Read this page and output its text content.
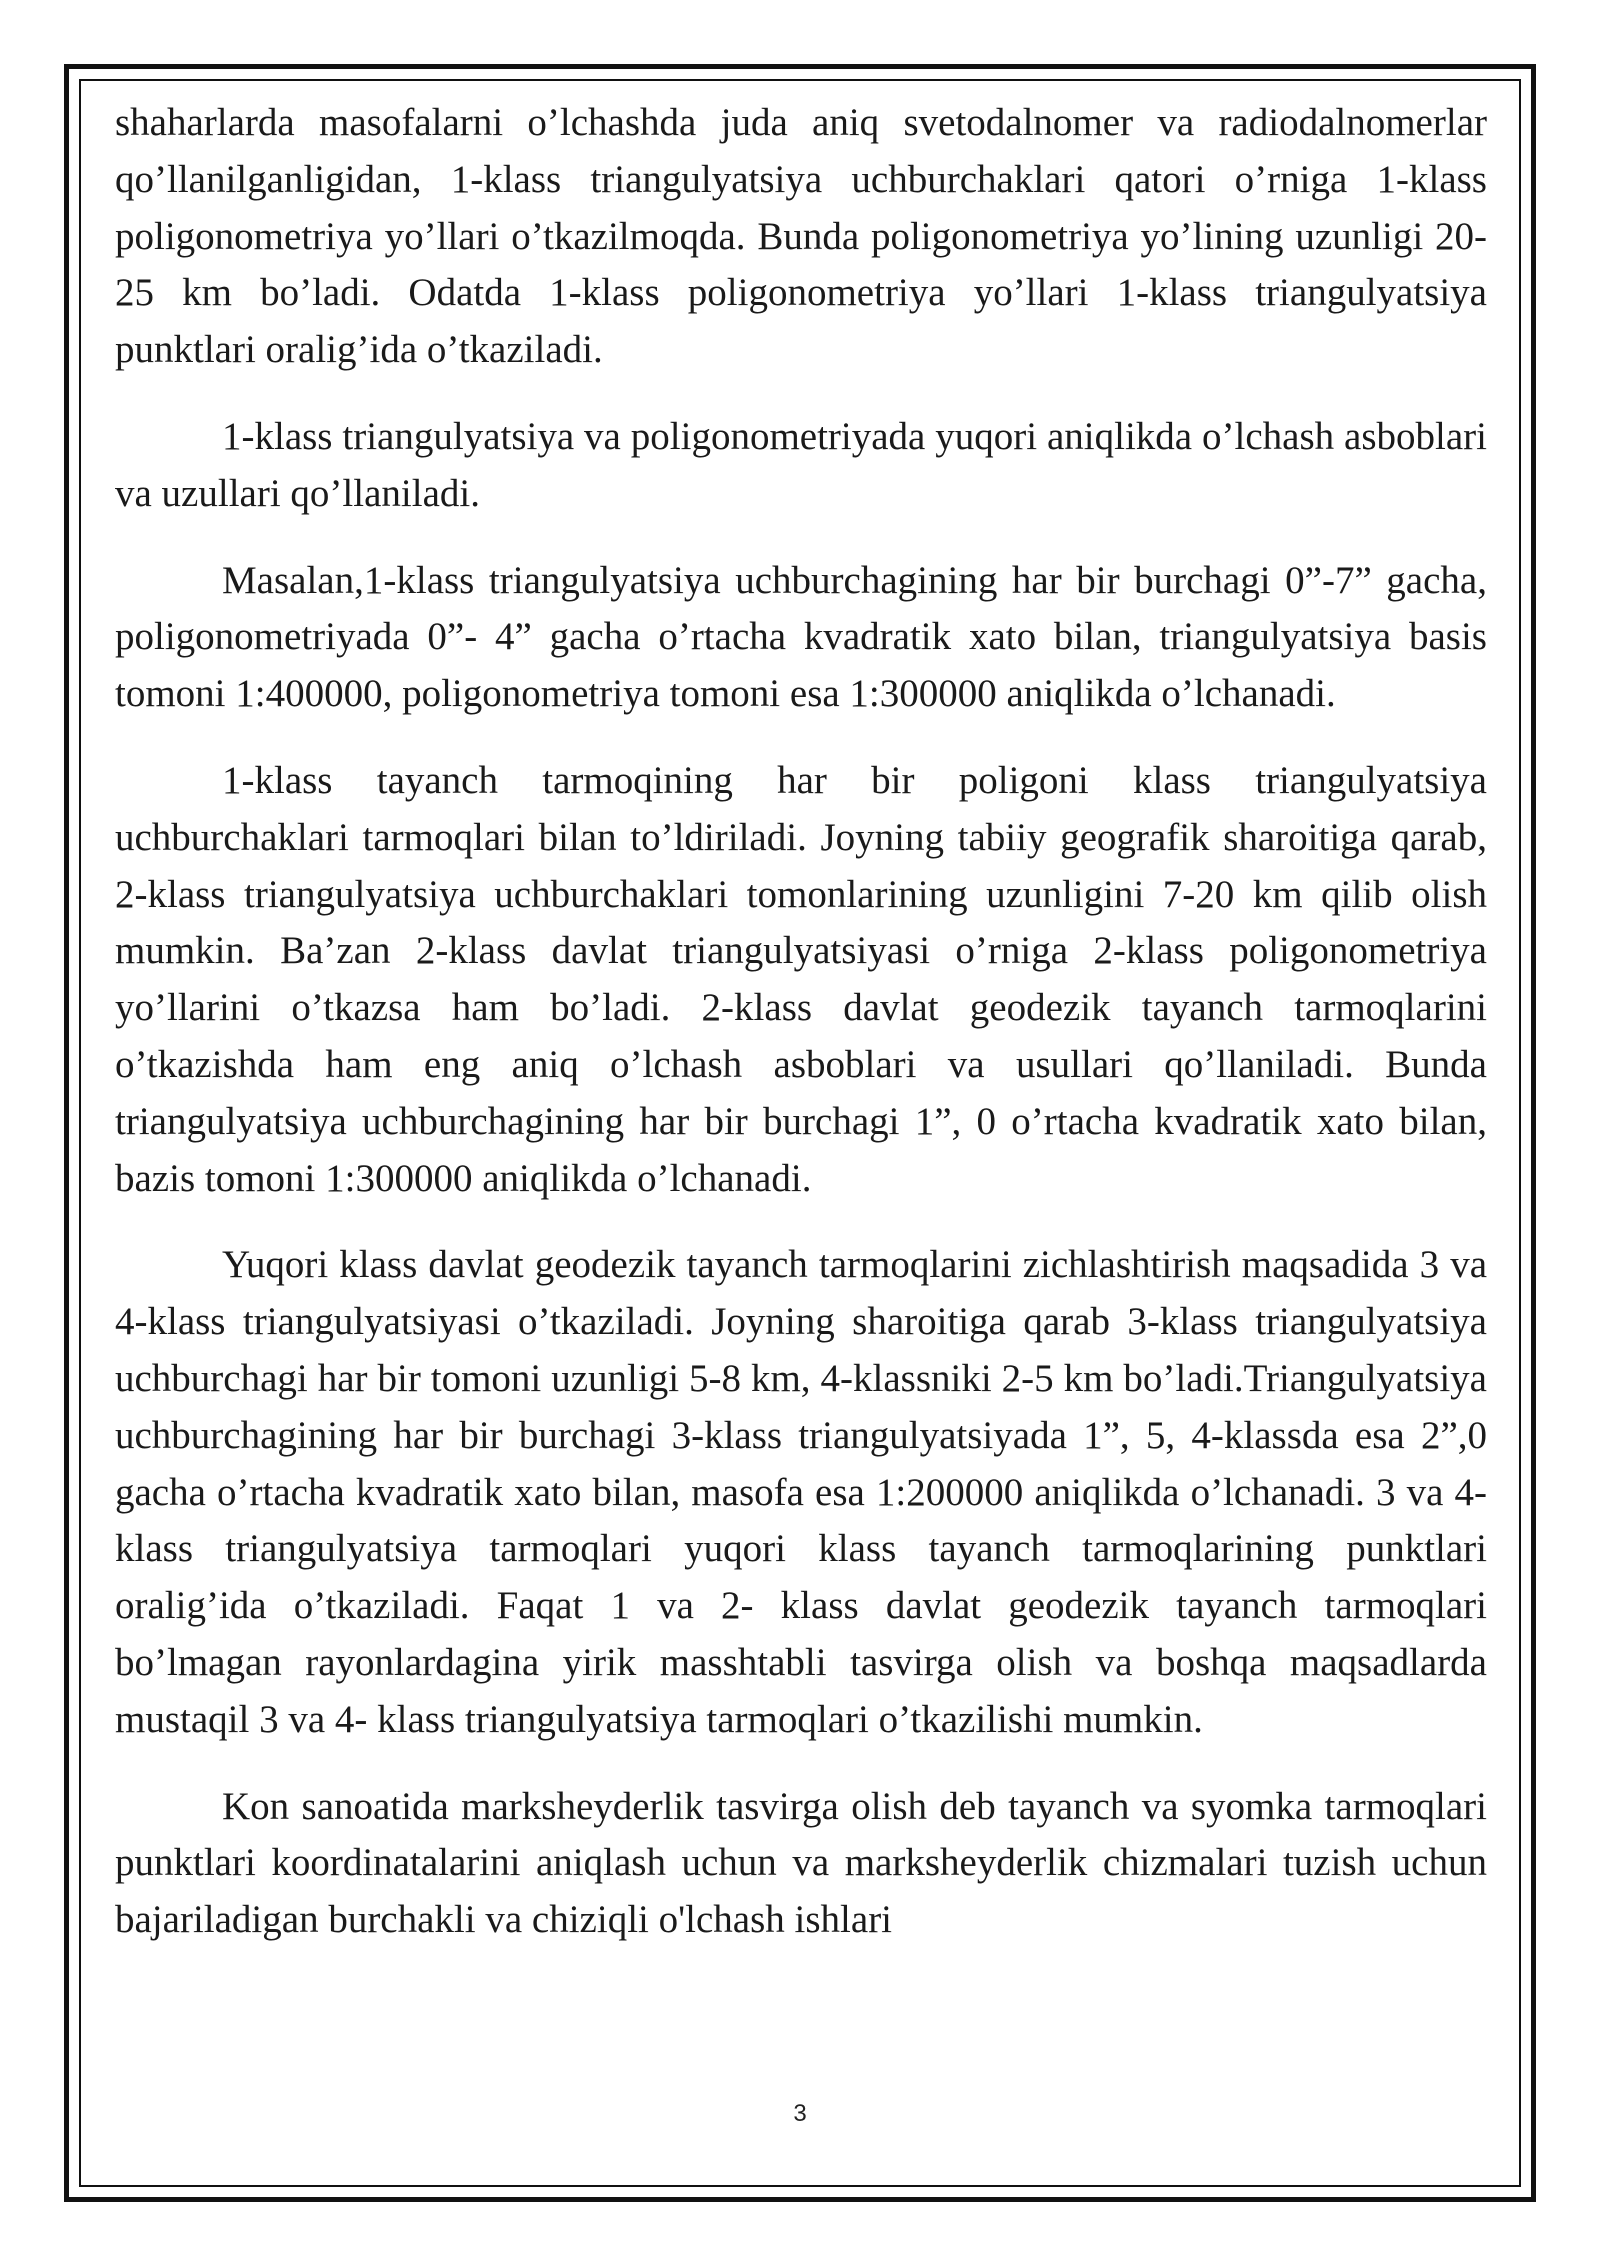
shaharlarda masofalarni o’lchashda juda aniq svetodalnomer va radiodalnomerlar qo’llanilganligidan, 1-klass triangulyatsiya uchburchaklari qatori o’rniga 1-klass poligonometriya yo’llari o’tkazilmoqda. Bunda poligonometriya yo’lining uzunligi 20-25 km bo’ladi. Odatda 1-klass poligonometriya yo’llari 1-klass triangulyatsiya punktlari oralig’ida o’tkaziladi.

1-klass triangulyatsiya va poligonometriyada yuqori aniqlikda o’lchash asboblari va uzullari qo’llaniladi.

Masalan,1-klass triangulyatsiya uchburchagining har bir burchagi 0”-7” gacha, poligonometriyada 0”- 4” gacha o’rtacha kvadratik xato bilan, triangulyatsiya basis tomoni 1:400000, poligonometriya tomoni esa 1:300000 aniqlikda o’lchanadi.

1-klass tayanch tarmoqining har bir poligoni klass triangulyatsiya uchburchaklari tarmoqlari bilan to’ldiriladi. Joyning tabiiy geografik sharoitiga qarab, 2-klass triangulyatsiya uchburchaklari tomonlarining uzunligini 7-20 km qilib olish mumkin. Ba’zan 2-klass davlat triangulyatsiyasi o’rniga 2-klass poligonometriya yo’llarini o’tkazsa ham bo’ladi. 2-klass davlat geodezik tayanch tarmoqlarini o’tkazishda ham eng aniq o’lchash asboblari va usullari qo’llaniladi. Bunda triangulyatsiya uchburchagining har bir burchagi 1”, 0 o’rtacha kvadratik xato bilan, bazis tomoni 1:300000 aniqlikda o’lchanadi.

Yuqori klass davlat geodezik tayanch tarmoqlarini zichlashtirish maqsadida 3 va 4-klass triangulyatsiyasi o’tkaziladi. Joyning sharoitiga qarab 3-klass triangulyatsiya uchburchagi har bir tomoni uzunligi 5-8 km, 4-klassniki 2-5 km bo’ladi.Triangulyatsiya uchburchagining har bir burchagi 3-klass triangulyatsiyada 1”, 5, 4-klassda esa 2”,0 gacha o’rtacha kvadratik xato bilan, masofa esa 1:200000 aniqlikda o’lchanadi. 3 va 4- klass triangulyatsiya tarmoqlari yuqori klass tayanch tarmoqlarining punktlari oralig’ida o’tkaziladi. Faqat 1 va 2- klass davlat geodezik tayanch tarmoqlari bo’lmagan rayonlardagina yirik masshtabli tasvirga olish va boshqa maqsadlarda mustaqil 3 va 4- klass triangulyatsiya tarmoqlari o’tkazilishi mumkin.

Kon sanoatida marksheyderlik tasvirga olish deb tayanch va syomka tarmoqlari punktlari koordinatalarini aniqlash uchun va marksheyderlik chizmalari tuzish uchun bajariladigan burchakli va chiziqli o'lchash ishlari

3
